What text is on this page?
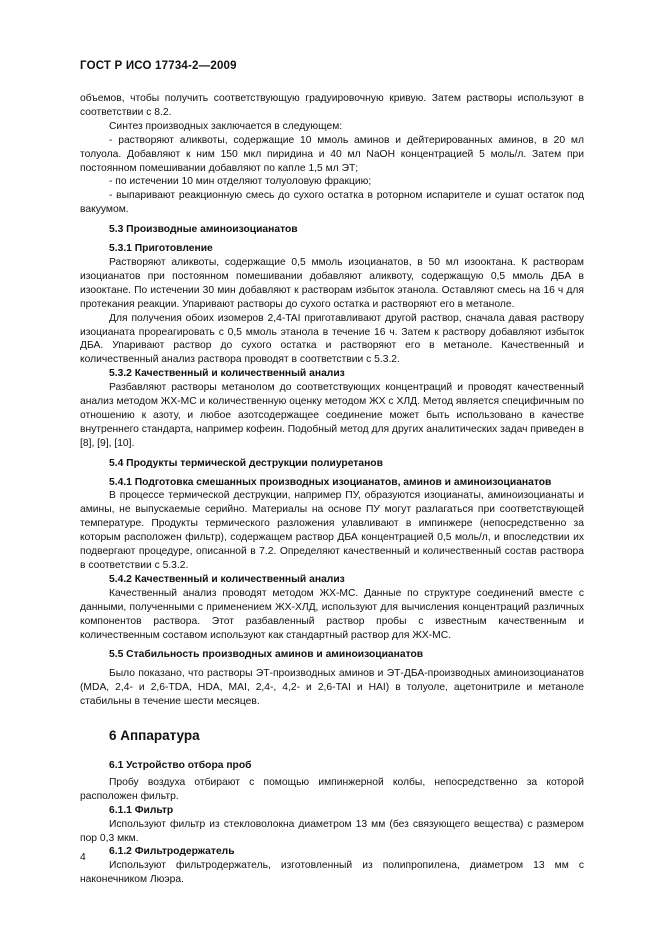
ГОСТ Р ИСО 17734-2—2009

объемов, чтобы получить соответствующую градуировочную кривую. Затем растворы используют в соответствии с 8.2.

Синтез производных заключается в следующем:

- растворяют аликвоты, содержащие 10 ммоль аминов и дейтерированных аминов, в 20 мл толуола. Добавляют к ним 150 мкл пиридина и 40 мл NaOH концентрацией 5 моль/л. Затем при постоянном помешивании добавляют по капле 1,5 мл ЭТ;

- по истечении 10 мин отделяют толуоловую фракцию;

- выпаривают реакционную смесь до сухого остатка в роторном испарителе и сушат остаток под вакуумом.

5.3 Производные аминоизоцианатов
5.3.1 Приготовление

Растворяют аликвоты, содержащие 0,5 ммоль изоцианатов, в 50 мл изооктана. К растворам изоцианатов при постоянном помешивании добавляют аликвоту, содержащую 0,5 ммоль ДБА в изооктане. По истечении 30 мин добавляют к растворам избыток этанола. Оставляют смесь на 16 ч для протекания реакции. Упаривают растворы до сухого остатка и растворяют его в метаноле.

Для получения обоих изомеров 2,4-TAI приготавливают другой раствор, сначала давая раствору изоцианата прореагировать с 0,5 ммоль этанола в течение 16 ч. Затем к раствору добавляют избыток ДБА. Упаривают раствор до сухого остатка и растворяют его в метаноле. Качественный и количественный анализ раствора проводят в соответствии с 5.3.2.

5.3.2 Качественный и количественный анализ

Разбавляют растворы метанолом до соответствующих концентраций и проводят качественный анализ методом ЖХ-МС и количественную оценку методом ЖХ с ХЛД. Метод является специфичным по отношению к азоту, и любое азотсодержащее соединение может быть использовано в качестве внутреннего стандарта, например кофеин. Подобный метод для других аналитических задач приведен в [8], [9], [10].

5.4 Продукты термической деструкции полиуретанов
5.4.1 Подготовка смешанных производных изоцианатов, аминов и аминоизоцианатов

В процессе термической деструкции, например ПУ, образуются изоцианаты, аминоизоцианаты и амины, не выпускаемые серийно. Материалы на основе ПУ могут разлагаться при соответствующей температуре. Продукты термического разложения улавливают в импинжере (непосредственно за которым расположен фильтр), содержащем раствор ДБА концентрацией 0,5 моль/л, и впоследствии их подвергают процедуре, описанной в 7.2. Определяют качественный и количественный состав раствора в соответствии с 5.3.2.

5.4.2 Качественный и количественный анализ

Качественный анализ проводят методом ЖХ-МС. Данные по структуре соединений вместе с данными, полученными с применением ЖХ-ХЛД, используют для вычисления концентраций различных компонентов раствора. Этот разбавленный раствор пробы с известным качественным и количественным составом используют как стандартный раствор для ЖХ-МС.

5.5 Стабильность производных аминов и аминоизоцианатов

Было показано, что растворы ЭТ-производных аминов и ЭТ-ДБА-производных аминоизоцианатов (MDA, 2,4- и 2,6-TDA, HDA, MAI, 2,4-, 4,2- и 2,6-TAI и HAI) в толуоле, ацетонитриле и метаноле стабильны в течение шести месяцев.

6 Аппаратура
6.1 Устройство отбора проб

Пробу воздуха отбирают с помощью импинжерной колбы, непосредственно за которой расположен фильтр.

6.1.1 Фильтр

Используют фильтр из стекловолокна диаметром 13 мм (без связующего вещества) с размером пор 0,3 мкм.

6.1.2 Фильтродержатель

Используют фильтродержатель, изготовленный из полипропилена, диаметром 13 мм с наконечником Люэра.

4
